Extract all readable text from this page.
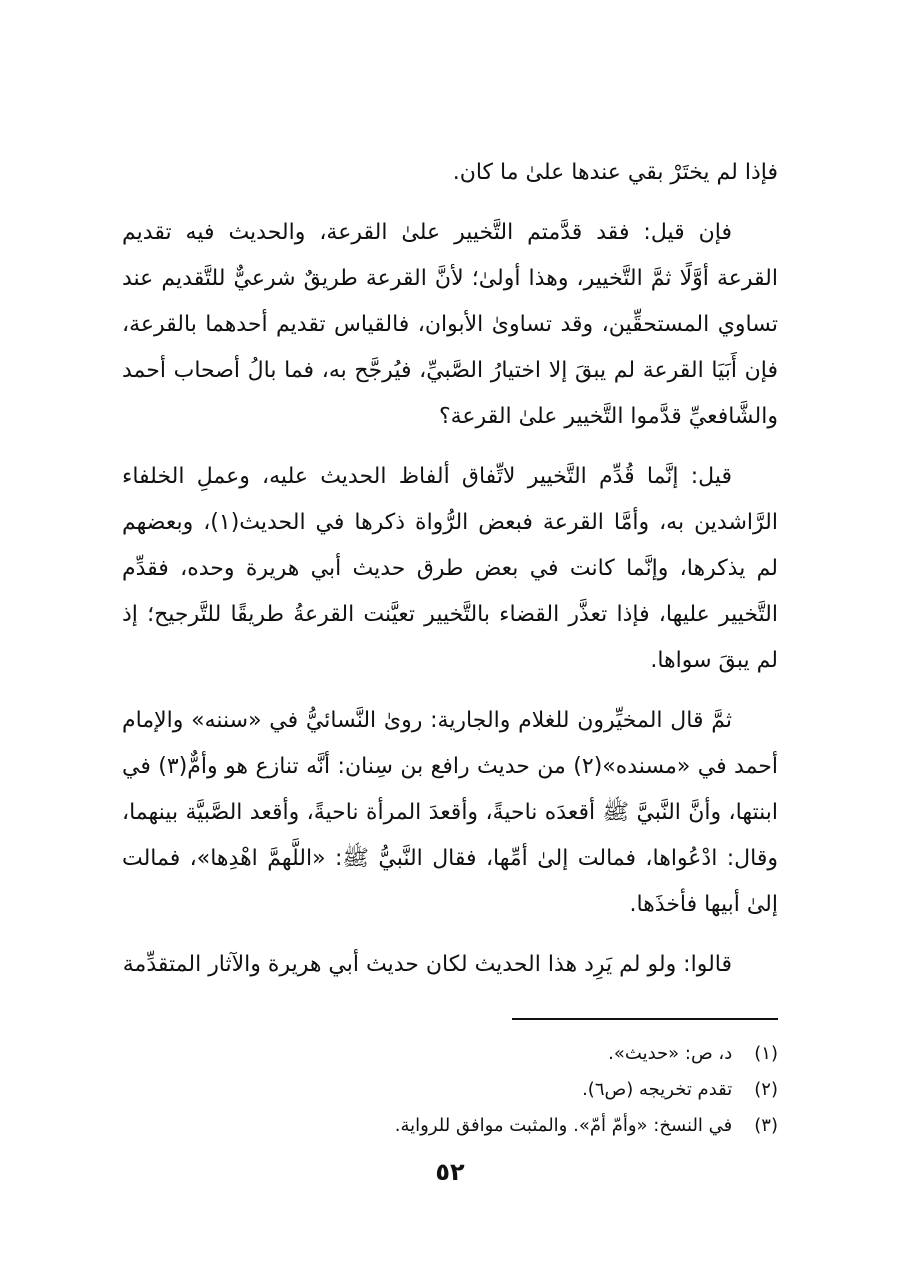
فإذا لم يختَرْ بقي عندها علىٰ ما كان.

فإن قيل: فقد قدَّمتم التَّخيير علىٰ القرعة، والحديث فيه تقديم القرعة أوَّلًا ثمَّ التَّخيير، وهذا أولىٰ؛ لأنَّ القرعة طريقٌ شرعيٌّ للتَّقديم عند تساوي المستحقِّين، وقد تساوىٰ الأبوان، فالقياس تقديم أحدهما بالقرعة، فإن أَبَيَا القرعة لم يبقَ إلا اختيارُ الصَّبيِّ، فيُرجَّح به، فما بالُ أصحاب أحمد والشَّافعيِّ قدَّموا التَّخيير علىٰ القرعة؟

قيل: إنَّما قُدِّم التَّخيير لاتِّفاق ألفاظ الحديث عليه، وعملِ الخلفاء الرَّاشدين به، وأمَّا القرعة فبعض الرُّواة ذكرها في الحديث(١)، وبعضهم لم يذكرها، وإنَّما كانت في بعض طرق حديث أبي هريرة وحده، فقدِّم التَّخيير عليها، فإذا تعذَّر القضاء بالتَّخيير تعيَّنت القرعةُ طريقًا للتَّرجيح؛ إذ لم يبقَ سواها.

ثمَّ قال المخيِّرون للغلام والجارية: روىٰ النَّسائيُّ في «سننه» والإمام أحمد في «مسنده»(٢) من حديث رافع بن سِنان: أنَّه تنازع هو وأمٌّ(٣) في ابنتها، وأنَّ النَّبيَّ ﷺ أقعدَه ناحيةً، وأقعدَ المرأة ناحيةً، وأقعد الصَّبيَّة بينهما، وقال: ادْعُواها، فمالت إلىٰ أمِّها، فقال النَّبيُّ ﷺ: «اللَّهمَّ اهْدِها»، فمالت إلىٰ أبيها فأخذَها.

قالوا: ولو لم يَرِد هذا الحديث لكان حديث أبي هريرة والآثار المتقدِّمة

(١) د، ص: «حديث».
(٢) تقدم تخريجه (ص٦).
(٣) في النسخ: «وأمّ أمّ». والمثبت موافق للرواية.
٥٢
